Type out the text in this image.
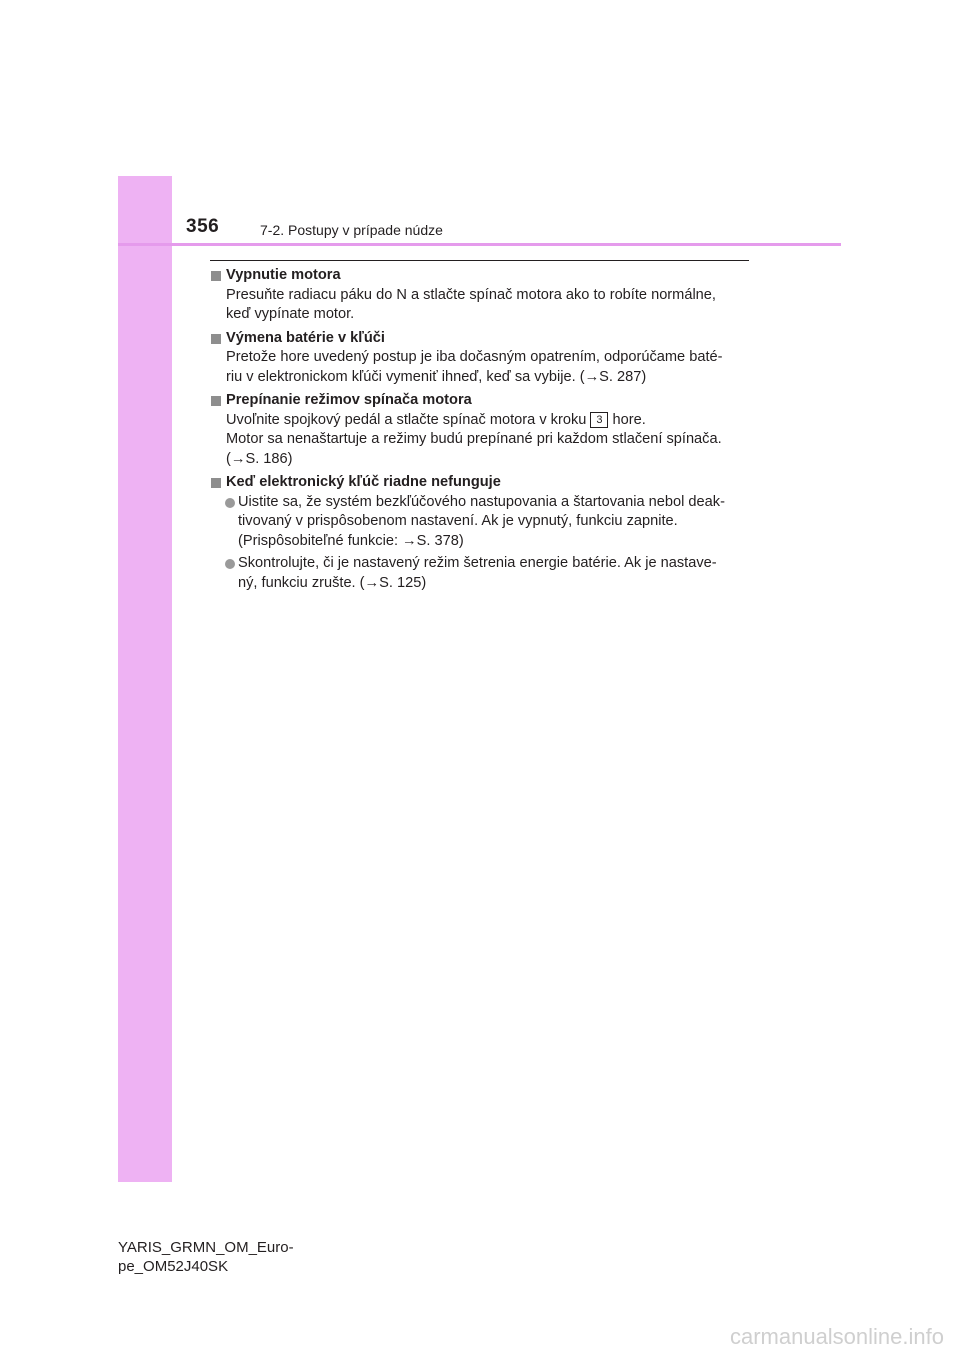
356	7-2. Postupy v prípade núdze
Vypnutie motora
Presuňte radiacu páku do N a stlačte spínač motora ako to robíte normálne,
keď vypínate motor.
Výmena batérie v kľúči
Pretože hore uvedený postup je iba dočasným opatrením, odporúčame baté-
riu v elektronickom kľúči vymeniť ihneď, keď sa vybije. (→S. 287)
Prepínanie režimov spínača motora
Uvoľnite spojkový pedál a stlačte spínač motora v kroku 3 hore.
Motor sa nenaštartuje a režimy budú prepínané pri každom stlačení spínača.
(→S. 186)
Keď elektronický kľúč riadne nefunguje
Uistite sa, že systém bezkľúčového nastupovania a štartovania nebol deak-
tivovaný v prispôsobenom nastavení. Ak je vypnutý, funkciu zapnite.
(Prispôsobiteľné funkcie: →S. 378)
Skontrolujte, či je nastavený režim šetrenia energie batérie. Ak je nastave-
ný, funkciu zrušte. (→S. 125)
YARIS_GRMN_OM_Euro-
pe_OM52J40SK
carmanualsonline.info
